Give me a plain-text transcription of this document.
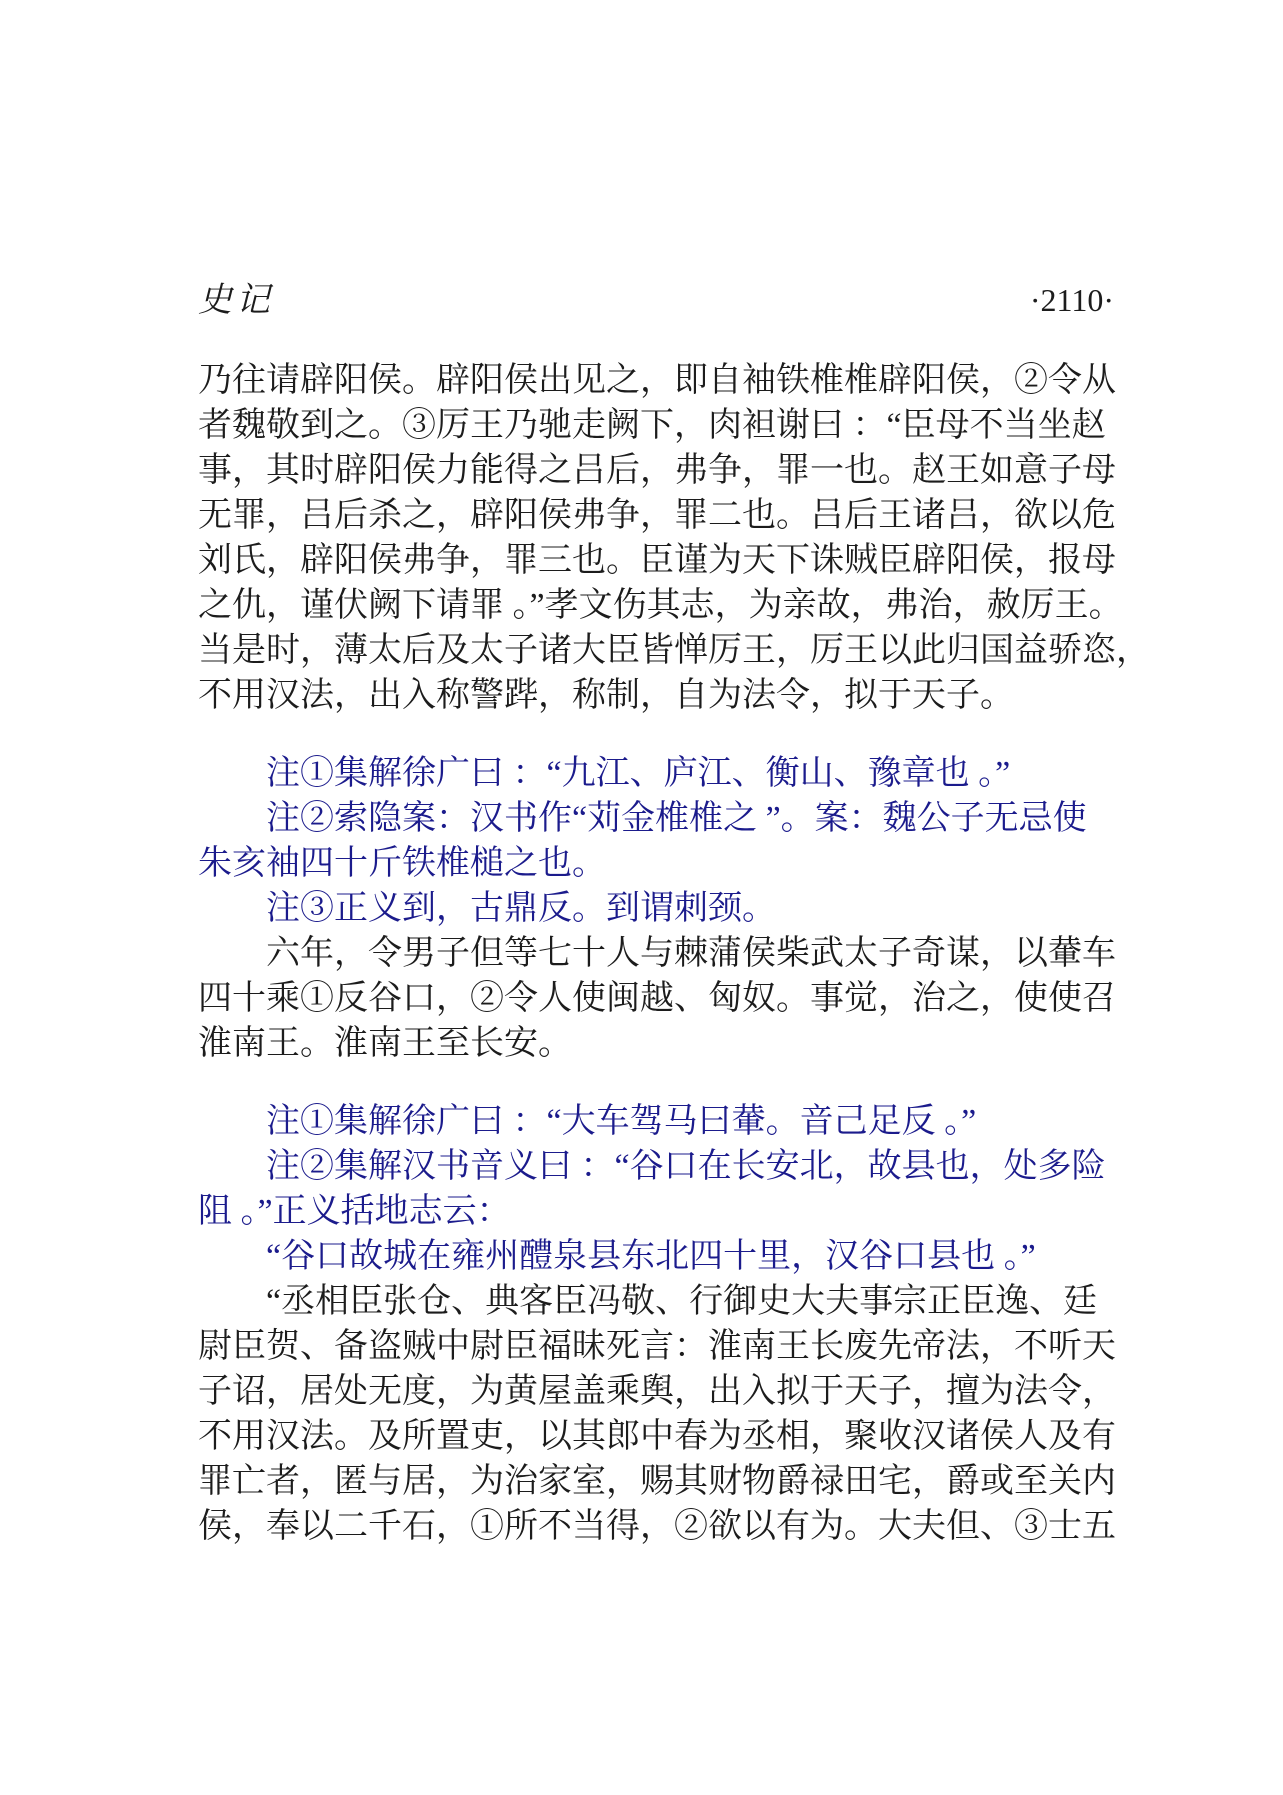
史记	·2110·
乃往请辟阳侯。辟阳侯出见之，即自袖铁椎椎辟阳侯，②令从
者魏敬到之。③厉王乃驰走阙下，肉袒谢曰 ：“臣母不当坐赵
事，其时辟阳侯力能得之吕后，弗争，罪一也。赵王如意子母
无罪，吕后杀之，辟阳侯弗争，罪二也。吕后王诸吕，欲以危
刘氏，辟阳侯弗争，罪三也。臣谨为天下诛贼臣辟阳侯，报母
之仇，谨伏阙下请罪 。”孝文伤其志，为亲故，弗治，赦厉王。
当是时，薄太后及太子诸大臣皆惮厉王，厉王以此归国益骄恣，
不用汉法，出入称警跸，称制，自为法令，拟于天子。
注①集解徐广曰 ：“九江、庐江、衡山、豫章也 。”
注②索隐案：汉书作“苅金椎椎之 ”。案：魏公子无忌使
朱亥袖四十斤铁椎槌之也。
注③正义到，古鼎反。到谓刺颈。
六年，令男子但等七十人与棘蒲侯柴武太子奇谋，以輂车
四十乘①反谷口，②令人使闽越、匈奴。事觉，治之，使使召
淮南王。淮南王至长安。
注①集解徐广曰 ：“大车驾马曰輂。音己足反 。”
注②集解汉书音义曰 ：“谷口在长安北，故县也，处多险
阻 。”正义括地志云：
“谷口故城在雍州醴泉县东北四十里，汉谷口县也 。”
“丞相臣张仓、典客臣冯敬、行御史大夫事宗正臣逸、廷
尉臣贺、备盗贼中尉臣福昧死言：淮南王长废先帝法，不听天
子诏，居处无度，为黄屋盖乘舆，出入拟于天子，擅为法令，
不用汉法。及所置吏，以其郎中春为丞相，聚收汉诸侯人及有
罪亡者，匿与居，为治家室，赐其财物爵禄田宅，爵或至关内
侯，奉以二千石，①所不当得，②欲以有为。大夫但、③士五
